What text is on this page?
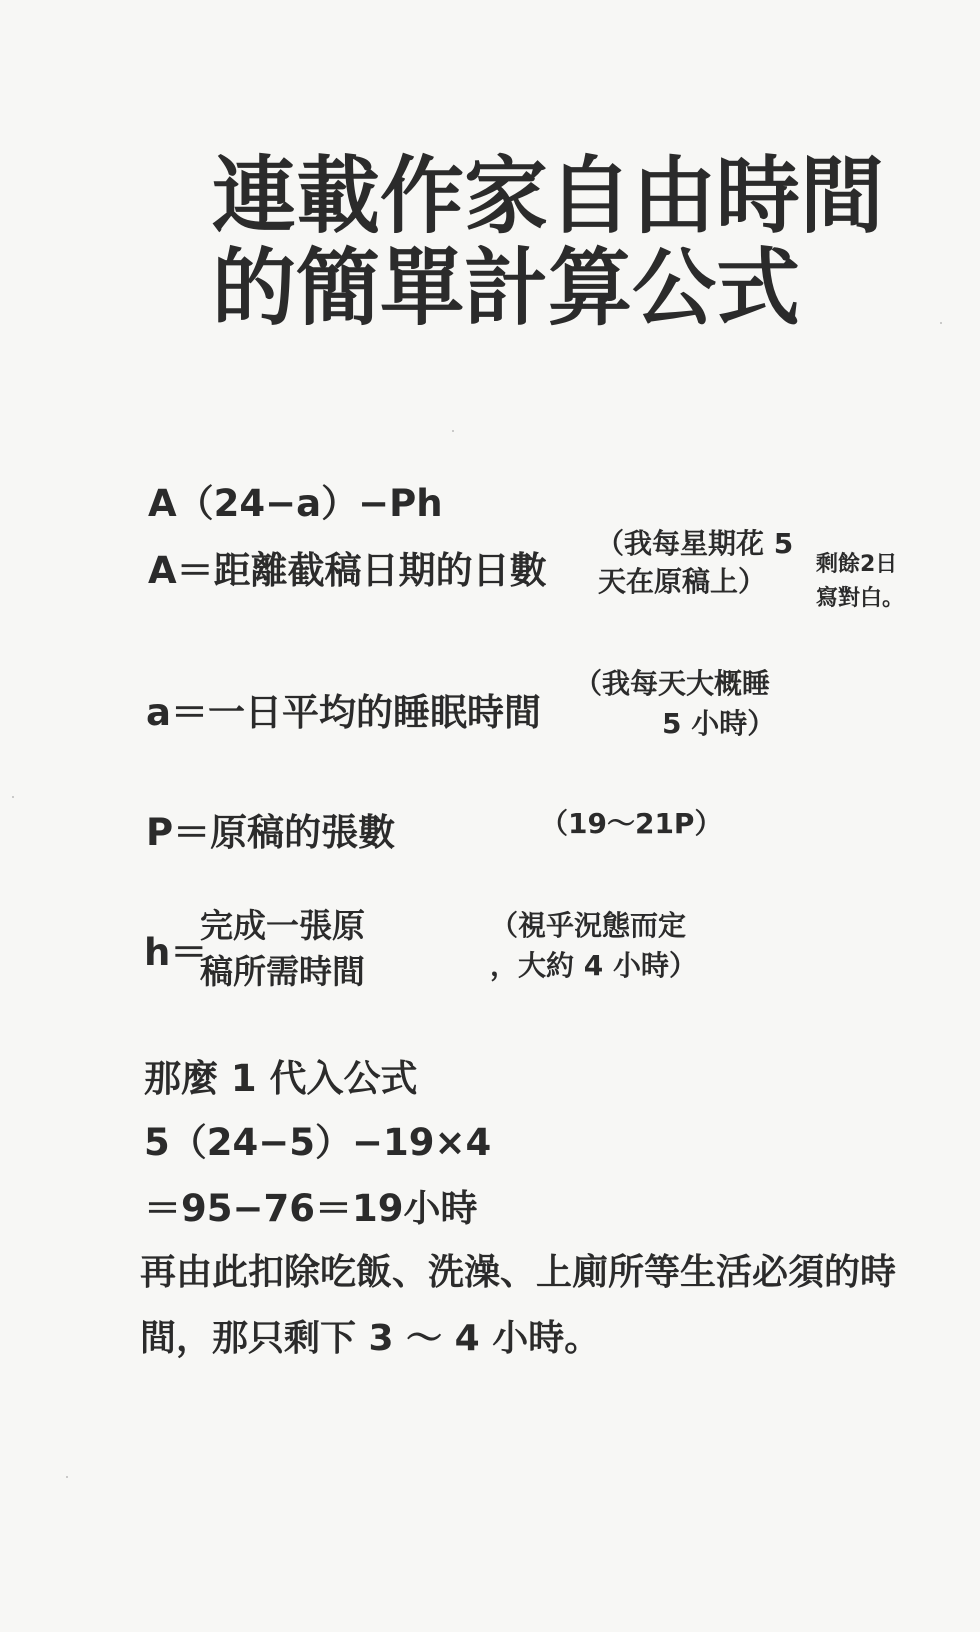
連載作家自由時間
的簡單計算公式
A（24−a）−Ph
A＝距離截稿日期的日數
（我每星期花 5
天在原稿上）
剩餘2日
寫對白。
a＝一日平均的睡眠時間
（我每天大概睡
5 小時）
P＝原稿的張數	（19〜21P）
h＝
完成一張原
稿所需時間
（視乎況態而定
，大約 4 小時）
那麼 1 代入公式
5（24−5）−19×4
＝95−76＝19小時
再由此扣除吃飯、洗澡、上廁所等生活必須的時
間，那只剩下 3 〜 4 小時。
